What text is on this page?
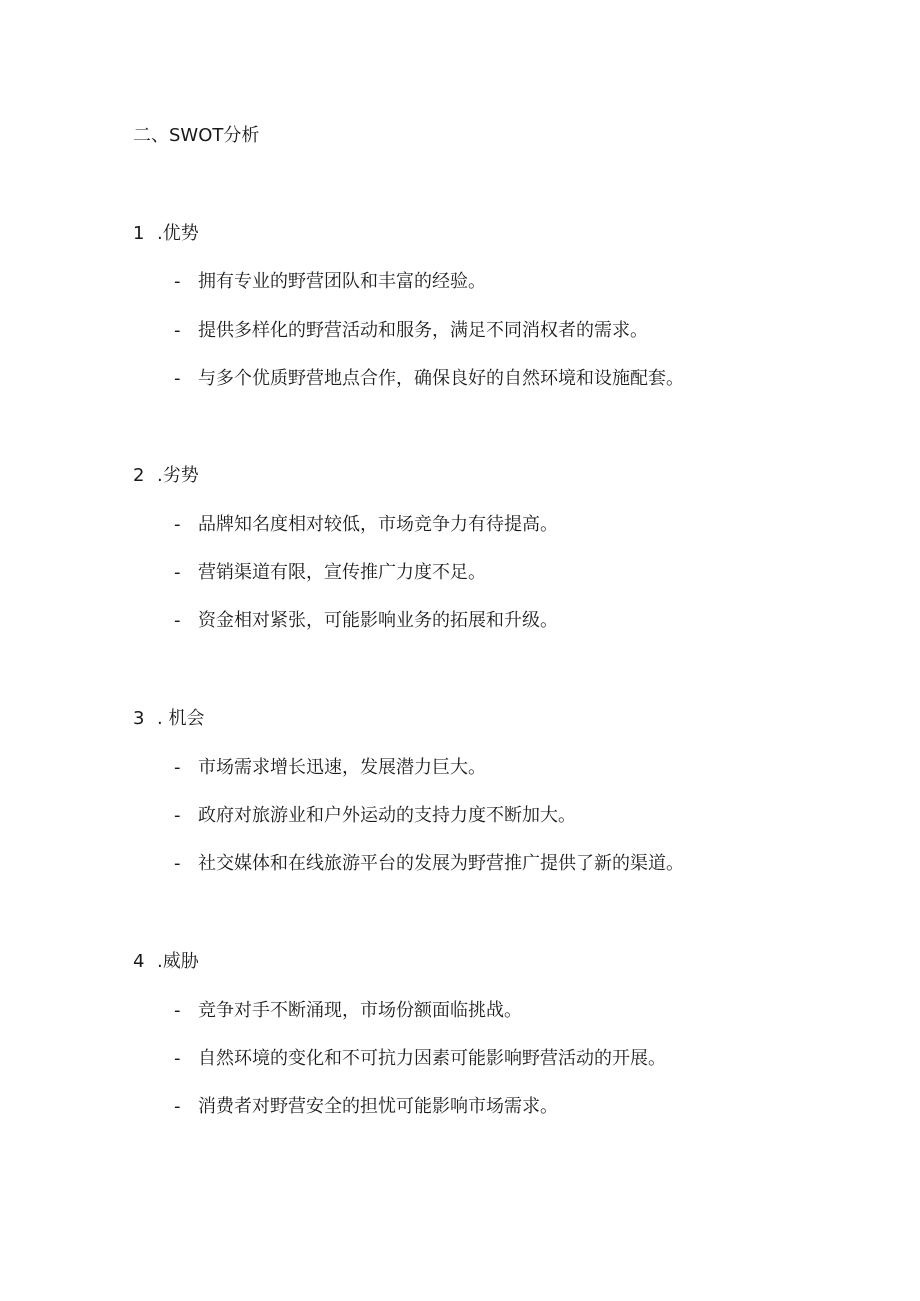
二、SWOT分析
1 .优势
- 拥有专业的野营团队和丰富的经验。
- 提供多样化的野营活动和服务，满足不同消权者的需求。
- 与多个优质野营地点合作，确保良好的自然环境和设施配套。
2 .劣势
- 品牌知名度相对较低，市场竞争力有待提高。
- 营销渠道有限，宣传推广力度不足。
- 资金相对紧张，可能影响业务的拓展和升级。
3 . 机会
- 市场需求增长迅速，发展潜力巨大。
- 政府对旅游业和户外运动的支持力度不断加大。
- 社交媒体和在线旅游平台的发展为野营推广提供了新的渠道。
4 .威胁
- 竞争对手不断涌现，市场份额面临挑战。
- 自然环境的变化和不可抗力因素可能影响野营活动的开展。
- 消费者对野营安全的担忧可能影响市场需求。
